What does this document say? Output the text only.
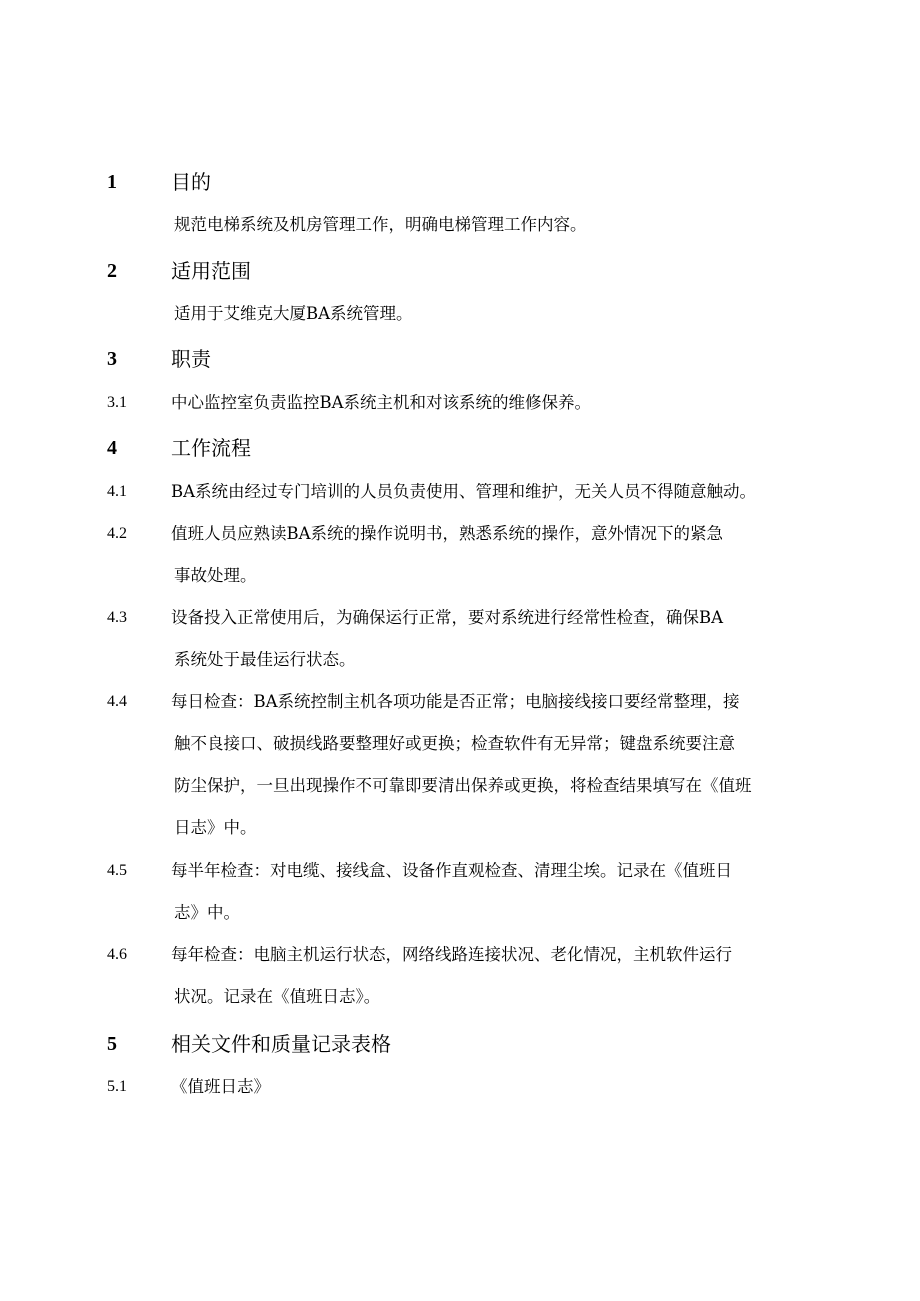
1	目的
规范电梯系统及机房管理工作，明确电梯管理工作内容。
2	适用范围
适用于艾维克大厦BA系统管理。
3	职责
3.1	中心监控室负责监控BA系统主机和对该系统的维修保养。
4	工作流程
4.1	BA系统由经过专门培训的人员负责使用、管理和维护，无关人员不得随意触动。
4.2	值班人员应熟读BA系统的操作说明书，熟悉系统的操作，意外情况下的紧急
事故处理。
4.3	设备投入正常使用后，为确保运行正常，要对系统进行经常性检查，确保BA
系统处于最佳运行状态。
4.4	每日检查：BA系统控制主机各项功能是否正常；电脑接线接口要经常整理，接
触不良接口、破损线路要整理好或更换；检查软件有无异常；键盘系统要注意
防尘保护，一旦出现操作不可靠即要清出保养或更换，将检查结果填写在《值班
日志》中。
4.5	每半年检查：对电缆、接线盒、设备作直观检查、清理尘埃。记录在《值班日
志》中。
4.6	每年检查：电脑主机运行状态，网络线路连接状况、老化情况，主机软件运行
状况。记录在《值班日志》。
5	相关文件和质量记录表格
5.1	《值班日志》
